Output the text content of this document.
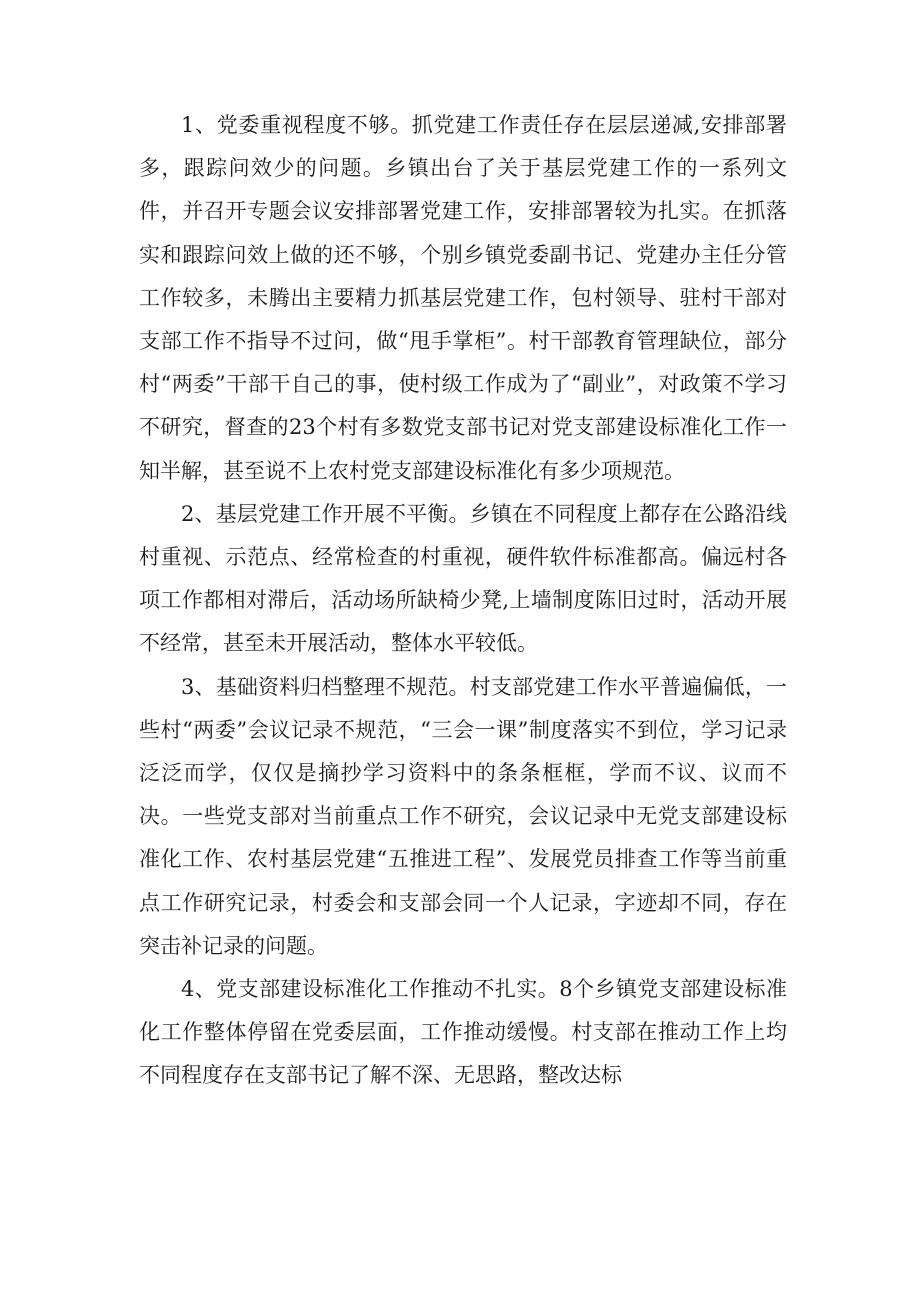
1、党委重视程度不够。抓党建工作责任存在层层递减,安排部署多，跟踪问效少的问题。乡镇出台了关于基层党建工作的一系列文件，并召开专题会议安排部署党建工作，安排部署较为扎实。在抓落实和跟踪问效上做的还不够，个别乡镇党委副书记、党建办主任分管工作较多，未腾出主要精力抓基层党建工作，包村领导、驻村干部对支部工作不指导不过问，做“甩手掌柜”。村干部教育管理缺位，部分村“两委”干部干自己的事，使村级工作成为了“副业”，对政策不学习不研究，督查的23个村有多数党支部书记对党支部建设标准化工作一知半解，甚至说不上农村党支部建设标准化有多少项规范。

2、基层党建工作开展不平衡。乡镇在不同程度上都存在公路沿线村重视、示范点、经常检查的村重视，硬件软件标准都高。偏远村各项工作都相对滞后，活动场所缺椅少凳,上墙制度陈旧过时，活动开展不经常，甚至未开展活动，整体水平较低。

3、基础资料归档整理不规范。村支部党建工作水平普遍偏低，一些村“两委”会议记录不规范，“三会一课”制度落实不到位，学习记录泛泛而学，仅仅是摘抄学习资料中的条条框框，学而不议、议而不决。一些党支部对当前重点工作不研究，会议记录中无党支部建设标准化工作、农村基层党建“五推进工程”、发展党员排查工作等当前重点工作研究记录，村委会和支部会同一个人记录，字迹却不同，存在突击补记录的问题。

4、党支部建设标准化工作推动不扎实。8个乡镇党支部建设标准化工作整体停留在党委层面，工作推动缓慢。村支部在推动工作上均不同程度存在支部书记了解不深、无思路，整改达标
